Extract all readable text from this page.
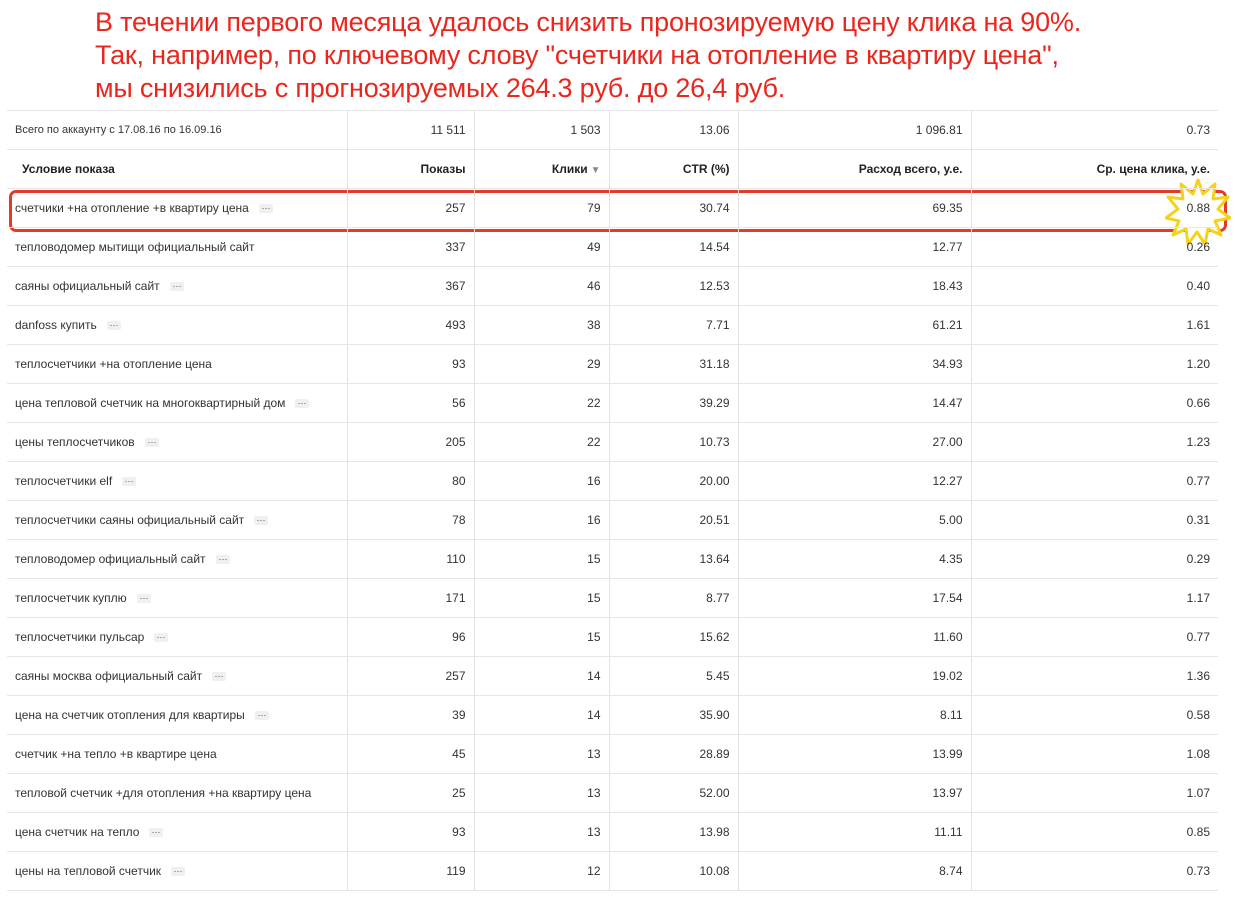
В течении первого месяца удалось снизить пронозируемую цену клика на 90%.
Так, например, по ключевому слову "счетчики на отопление в квартиру цена",
мы снизились с прогнозируемых 264.3 руб. до 26,4 руб.
Всего по аккаунту с 17.08.16 по 16.09.16	11 511	1 503	13.06	1 096.81	0.73
Условие показа	Показы	Клики ▼	CTR (%)	Расход всего, у.е.	Ср. цена клика, у.е.
счетчики +на отопление +в квартиру цена	257	79	30.74	69.35	0.88
тепловодомер мытищи официальный сайт	337	49	14.54	12.77	0.26
саяны официальный сайт	367	46	12.53	18.43	0.40
danfoss купить	493	38	7.71	61.21	1.61
теплосчетчики +на отопление цена	93	29	31.18	34.93	1.20
цена тепловой счетчик на многоквартирный дом	56	22	39.29	14.47	0.66
цены теплосчетчиков	205	22	10.73	27.00	1.23
теплосчетчики elf	80	16	20.00	12.27	0.77
теплосчетчики саяны официальный сайт	78	16	20.51	5.00	0.31
тепловодомер официальный сайт	110	15	13.64	4.35	0.29
теплосчетчик куплю	171	15	8.77	17.54	1.17
теплосчетчики пульсар	96	15	15.62	11.60	0.77
саяны москва официальный сайт	257	14	5.45	19.02	1.36
цена на счетчик отопления для квартиры	39	14	35.90	8.11	0.58
счетчик +на тепло +в квартире цена	45	13	28.89	13.99	1.08
тепловой счетчик +для отопления +на квартиру цена	25	13	52.00	13.97	1.07
цена счетчик на тепло	93	13	13.98	11.11	0.85
цены на тепловой счетчик	119	12	10.08	8.74	0.73
